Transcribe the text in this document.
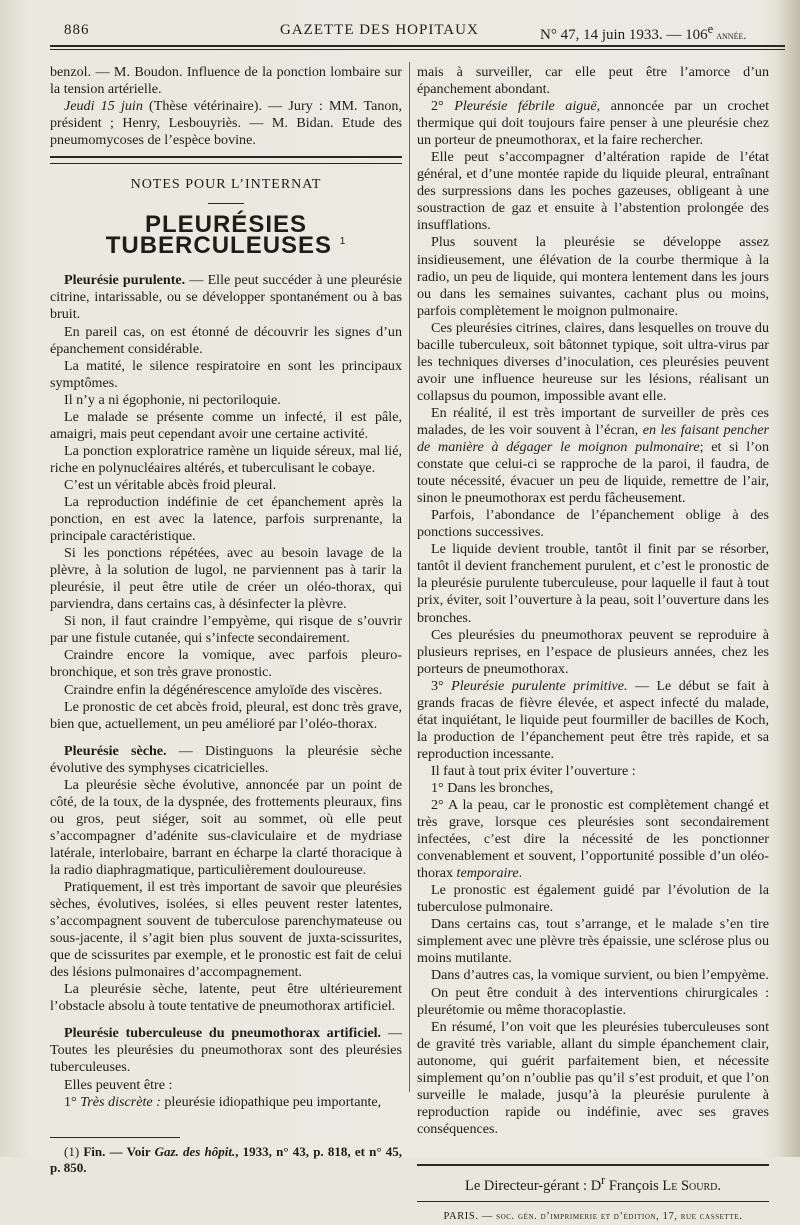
886	GAZETTE DES HOPITAUX	N° 47, 14 juin 1933. — 106e année.

benzol. — M. Boudon. Influence de la ponction lombaire sur la tension artérielle.

Jeudi 15 juin (Thèse vétérinaire). — Jury : MM. Tanon, président ; Henry, Lesbouyriès. — M. Bidan. Etude des pneumomycoses de l’espèce bovine.

NOTES POUR L’INTERNAT
PLEURÉSIES TUBERCULEUSES $^1$

Pleurésie purulente. — Elle peut succéder à une pleurésie citrine, intarissable, ou se développer spontanément ou à bas bruit.

En pareil cas, on est étonné de découvrir les signes d’un épanchement considérable.

La matité, le silence respiratoire en sont les principaux symptômes.

Il n’y a ni égophonie, ni pectoriloquie.

Le malade se présente comme un infecté, il est pâle, amaigri, mais peut cependant avoir une certaine activité.

La ponction exploratrice ramène un liquide séreux, mal lié, riche en polynucléaires altérés, et tuberculisant le cobaye.

C’est un véritable abcès froid pleural.

La reproduction indéfinie de cet épanchement après la ponction, en est avec la latence, parfois surprenante, la principale caractéristique.

Si les ponctions répétées, avec au besoin lavage de la plèvre, à la solution de lugol, ne parviennent pas à tarir la pleurésie, il peut être utile de créer un oléo-thorax, qui parviendra, dans certains cas, à désinfecter la plèvre.

Si non, il faut craindre l’empyème, qui risque de s’ouvrir par une fistule cutanée, qui s’infecte secondairement.

Craindre encore la vomique, avec parfois pleuro-bronchique, et son très grave pronostic.

Craindre enfin la dégénérescence amyloïde des viscères.

Le pronostic de cet abcès froid, pleural, est donc très grave, bien que, actuellement, un peu amélioré par l’oléo-thorax.

Pleurésie sèche. — Distinguons la pleurésie sèche évolutive des symphyses cicatricielles.

La pleurésie sèche évolutive, annoncée par un point de côté, de la toux, de la dyspnée, des frottements pleuraux, fins ou gros, peut siéger, soit au sommet, où elle peut s’accompagner d’adénite sus-claviculaire et de mydriase latérale, interlobaire, barrant en écharpe la clarté thoracique à la radio diaphragmatique, particulièrement douloureuse.

Pratiquement, il est très important de savoir que pleurésies sèches, évolutives, isolées, si elles peuvent rester latentes, s’accompagnent souvent de tuberculose parenchymateuse ou sous-jacente, il s’agit bien plus souvent de juxta-scissurites, que de scissurites par exemple, et le pronostic est fait de celui des lésions pulmonaires d’accompagnement.

La pleurésie sèche, latente, peut être ultérieurement l’obstacle absolu à toute tentative de pneumothorax artificiel.

Pleurésie tuberculeuse du pneumothorax artificiel. — Toutes les pleurésies du pneumothorax sont des pleurésies tuberculeuses.

Elles peuvent être :

1° Très discrète : pleurésie idiopathique peu importante,

(1) Fin. — Voir Gaz. des hôpit., 1933, n° 43, p. 818, et n° 45, p. 850.

mais à surveiller, car elle peut être l’amorce d’un épanchement abondant.

2° Pleurésie fébrile aiguë, annoncée par un crochet thermique qui doit toujours faire penser à une pleurésie chez un porteur de pneumothorax, et la faire rechercher.

Elle peut s’accompagner d’altération rapide de l’état général, et d’une montée rapide du liquide pleural, entraînant des surpressions dans les poches gazeuses, obligeant à une soustraction de gaz et ensuite à l’abstention prolongée des insufflations.

Plus souvent la pleurésie se développe assez insidieusement, une élévation de la courbe thermique à la radio, un peu de liquide, qui montera lentement dans les jours ou dans les semaines suivantes, cachant plus ou moins, parfois complètement le moignon pulmonaire.

Ces pleurésies citrines, claires, dans lesquelles on trouve du bacille tuberculeux, soit bâtonnet typique, soit ultra-virus par les techniques diverses d’inoculation, ces pleurésies peuvent avoir une influence heureuse sur les lésions, réalisant un collapsus du poumon, impossible avant elle.

En réalité, il est très important de surveiller de près ces malades, de les voir souvent à l’écran, en les faisant pencher de manière à dégager le moignon pulmonaire; et si l’on constate que celui-ci se rapproche de la paroi, il faudra, de toute nécessité, évacuer un peu de liquide, remettre de l’air, sinon le pneumothorax est perdu fâcheusement.

Parfois, l’abondance de l’épanchement oblige à des ponctions successives.

Le liquide devient trouble, tantôt il finit par se résorber, tantôt il devient franchement purulent, et c’est le pronostic de la pleurésie purulente tuberculeuse, pour laquelle il faut à tout prix, éviter, soit l’ouverture à la peau, soit l’ouverture dans les bronches.

Ces pleurésies du pneumothorax peuvent se reproduire à plusieurs reprises, en l’espace de plusieurs années, chez les porteurs de pneumothorax.

3° Pleurésie purulente primitive. — Le début se fait à grands fracas de fièvre élevée, et aspect infecté du malade, état inquiétant, le liquide peut fourmiller de bacilles de Koch, la production de l’épanchement peut être très rapide, et sa reproduction incessante.

Il faut à tout prix éviter l’ouverture :

1° Dans les bronches,

2° A la peau, car le pronostic est complètement changé et très grave, lorsque ces pleurésies sont secondairement infectées, c’est dire la nécessité de les ponctionner convenablement et souvent, l’opportunité possible d’un oléo-thorax temporaire.

Le pronostic est également guidé par l’évolution de la tuberculose pulmonaire.

Dans certains cas, tout s’arrange, et le malade s’en tire simplement avec une plèvre très épaissie, une sclérose plus ou moins mutilante.

Dans d’autres cas, la vomique survient, ou bien l’empyème.

On peut être conduit à des interventions chirurgicales : pleurétomie ou même thoracoplastie.

En résumé, l’on voit que les pleurésies tuberculeuses sont de gravité très variable, allant du simple épanchement clair, autonome, qui guérit parfaitement bien, et nécessite simplement qu’on n’oublie pas qu’il s’est produit, et que l’on surveille le malade, jusqu’à la pleurésie purulente à reproduction rapide ou indéfinie, avec ses graves conséquences.

Le Directeur-gérant : $D^r$ François Le Sourd.
PARIS. — soc. gén. d’imprimerie et d’édition, 17, rue cassette.
